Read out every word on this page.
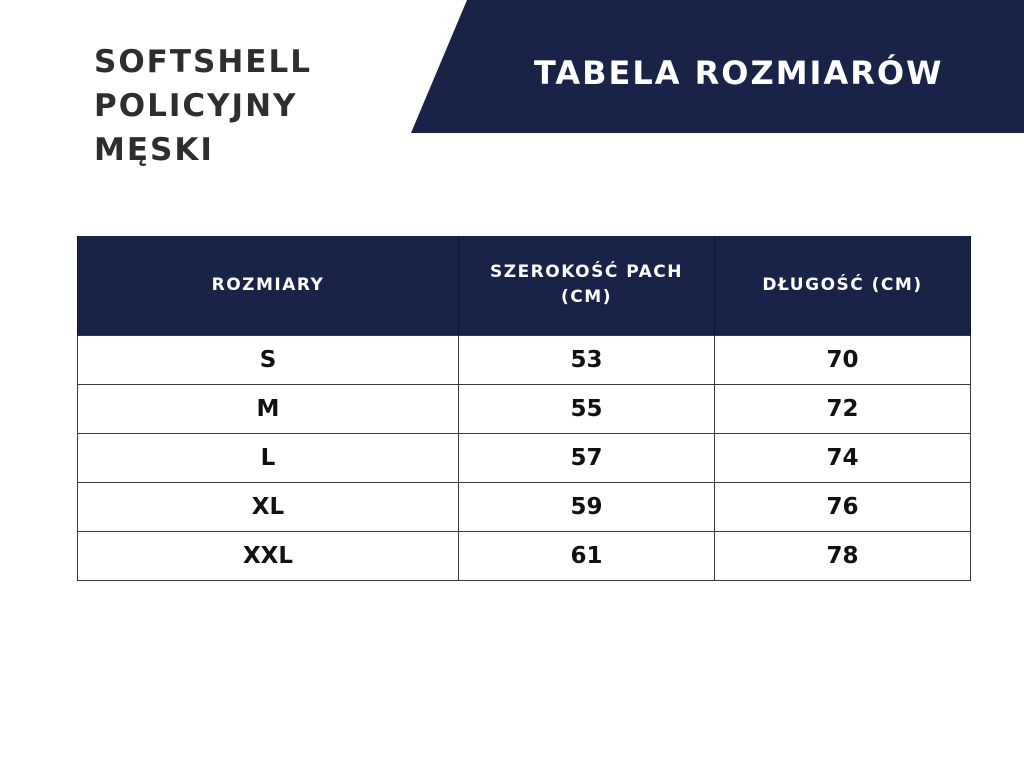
SOFTSHELL
POLICYJNY
MĘSKI
TABELA ROZMIARÓW
ROZMIARY	SZEROKOŚĆ PACH (CM)	DŁUGOŚĆ (CM)
S	53	70
M	55	72
L	57	74
XL	59	76
XXL	61	78
